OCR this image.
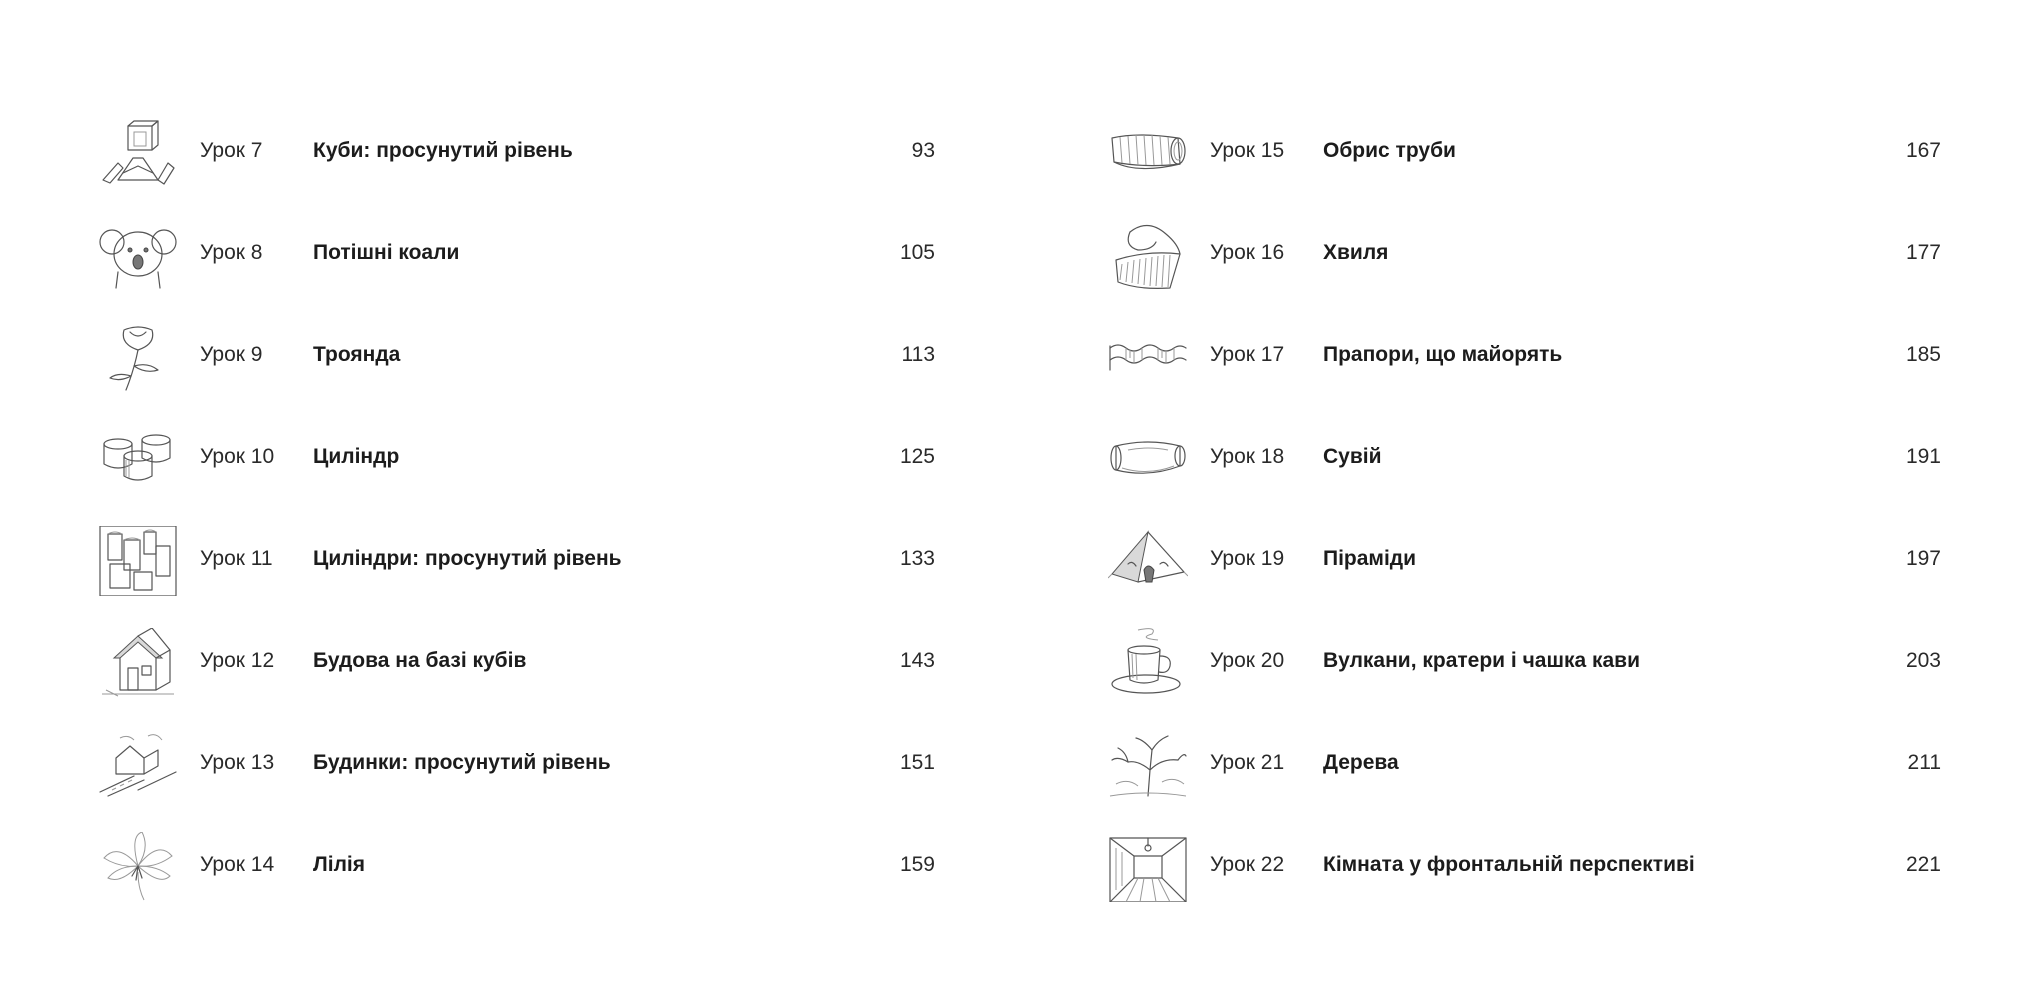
Урок 7 Куби: просунутий рівень	93
Урок 8 Потішні коали	105
Урок 9 Троянда	113
Урок 10 Циліндр	125
Урок 11 Циліндри: просунутий рівень	133
Урок 12 Будова на базі кубів	143
Урок 13 Будинки: просунутий рівень	151
Урок 14 Лілія	159
Урок 15 Обрис труби	167
Урок 16 Хвиля	177
Урок 17 Прапори, що майорять	185
Урок 18 Сувій	191
Урок 19 Піраміди	197
Урок 20 Вулкани, кратери і чашка кави	203
Урок 21 Дерева	211
Урок 22 Кімната у фронтальній перспективі	221
